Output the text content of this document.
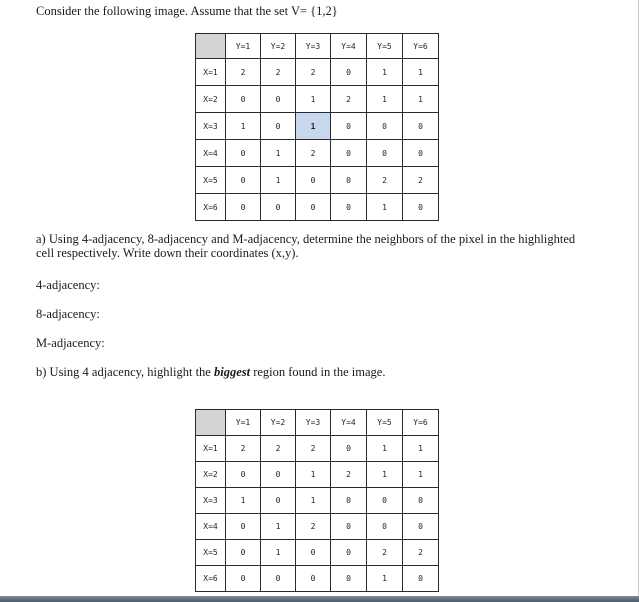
Consider the following image. Assume that the set V= {1,2}
	Y=1	Y=2	Y=3	Y=4	Y=5	Y=6
X=1	2	2	2	0	1	1
X=2	0	0	1	2	1	1
X=3	1	0	1	0	0	0
X=4	0	1	2	0	0	0
X=5	0	1	0	0	2	2
X=6	0	0	0	0	1	0
a) Using 4-adjacency, 8-adjacency and M-adjacency, determine the neighbors of the pixel in the highlighted
cell respectively. Write down their coordinates (x,y).
4-adjacency:
8-adjacency:
M-adjacency:
b) Using 4 adjacency, highlight the biggest region found in the image.
	Y=1	Y=2	Y=3	Y=4	Y=5	Y=6
X=1	2	2	2	0	1	1
X=2	0	0	1	2	1	1
X=3	1	0	1	0	0	0
X=4	0	1	2	0	0	0
X=5	0	1	0	0	2	2
X=6	0	0	0	0	1	0
